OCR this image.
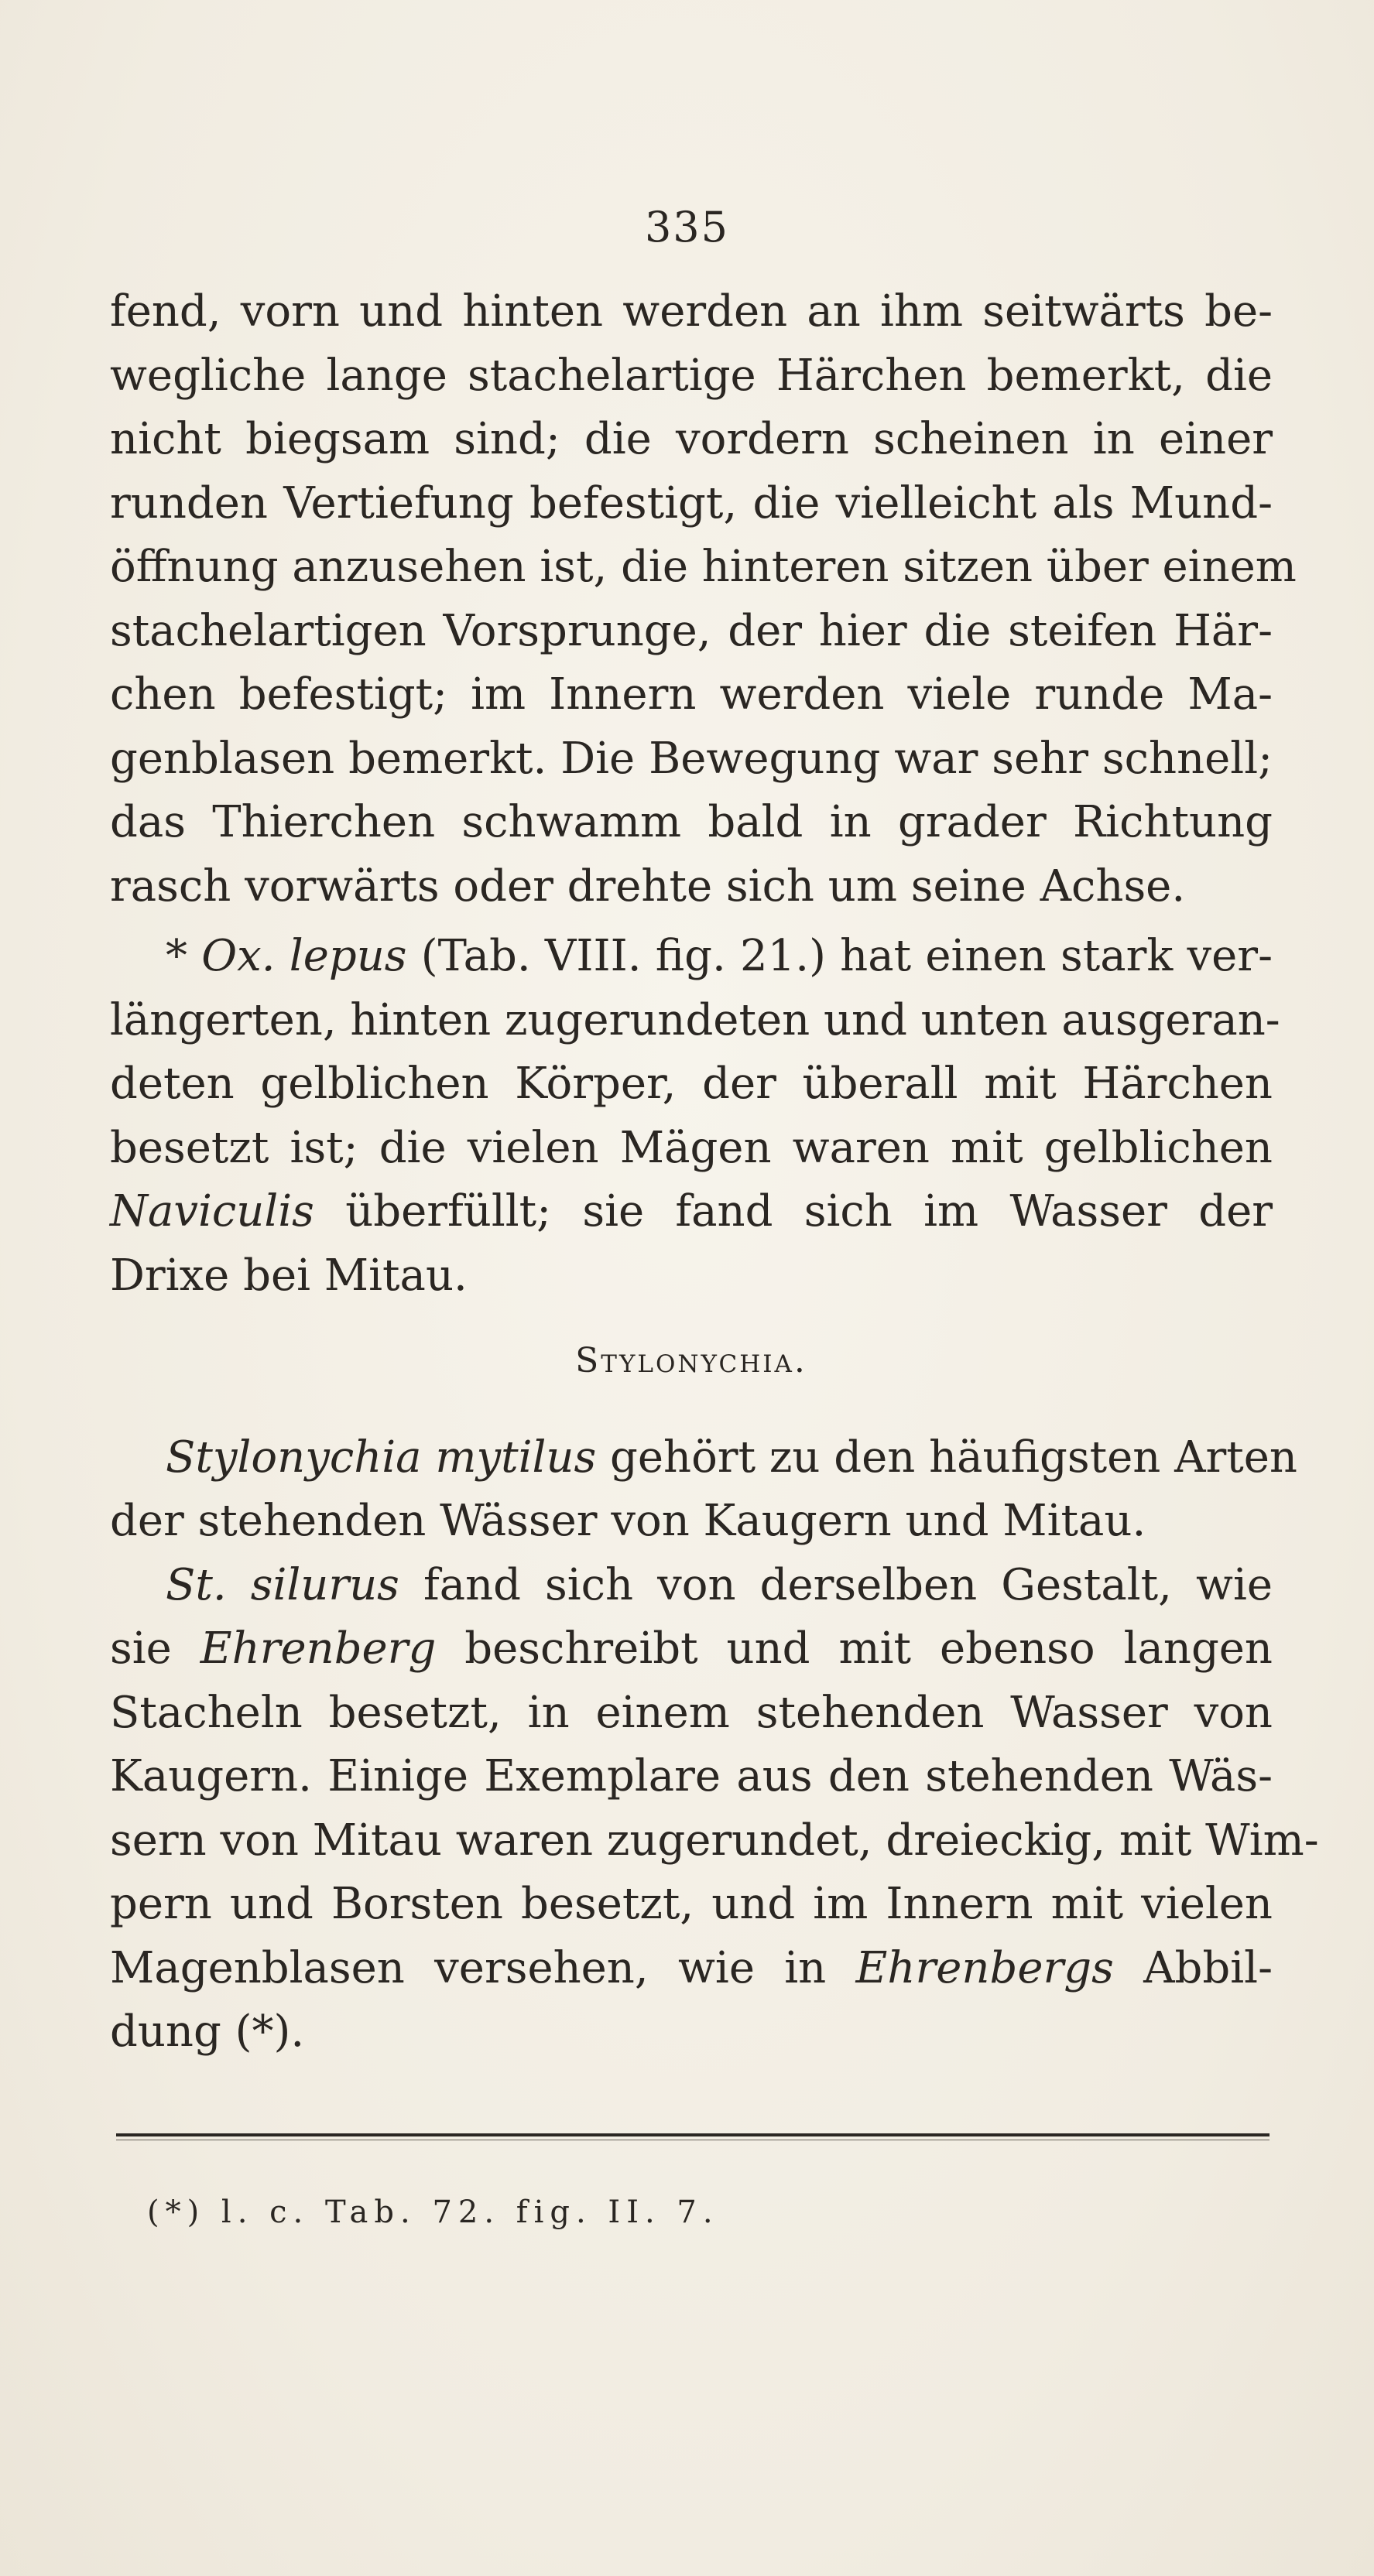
335
fend, vorn und hinten werden an ihm seitwärts be-
wegliche lange stachelartige Härchen bemerkt, die
nicht biegsam sind; die vordern scheinen in einer
runden Vertiefung befestigt, die vielleicht als Mund-
öffnung anzusehen ist, die hinteren sitzen über einem
stachelartigen Vorsprunge, der hier die steifen Här-
chen befestigt; im Innern werden viele runde Ma-
genblasen bemerkt. Die Bewegung war sehr schnell;
das Thierchen schwamm bald in grader Richtung
rasch vorwärts oder drehte sich um seine Achse.
* Ox. lepus (Tab. VIII. fig. 21.) hat einen stark ver-
längerten, hinten zugerundeten und unten ausgeran-
deten gelblichen Körper, der überall mit Härchen
besetzt ist; die vielen Mägen waren mit gelblichen
Naviculis überfüllt; sie fand sich im Wasser der
Drixe bei Mitau.
Stylonychia.
Stylonychia mytilus gehört zu den häufigsten Arten
der stehenden Wässer von Kaugern und Mitau.
St. silurus fand sich von derselben Gestalt, wie
sie Ehrenberg beschreibt und mit ebenso langen
Stacheln besetzt, in einem stehenden Wasser von
Kaugern. Einige Exemplare aus den stehenden Wäs-
sern von Mitau waren zugerundet, dreieckig, mit Wim-
pern und Borsten besetzt, und im Innern mit vielen
Magenblasen versehen, wie in Ehrenbergs Abbil-
dung (*).
(*) l. c. Tab. 72. fig. II. 7.
